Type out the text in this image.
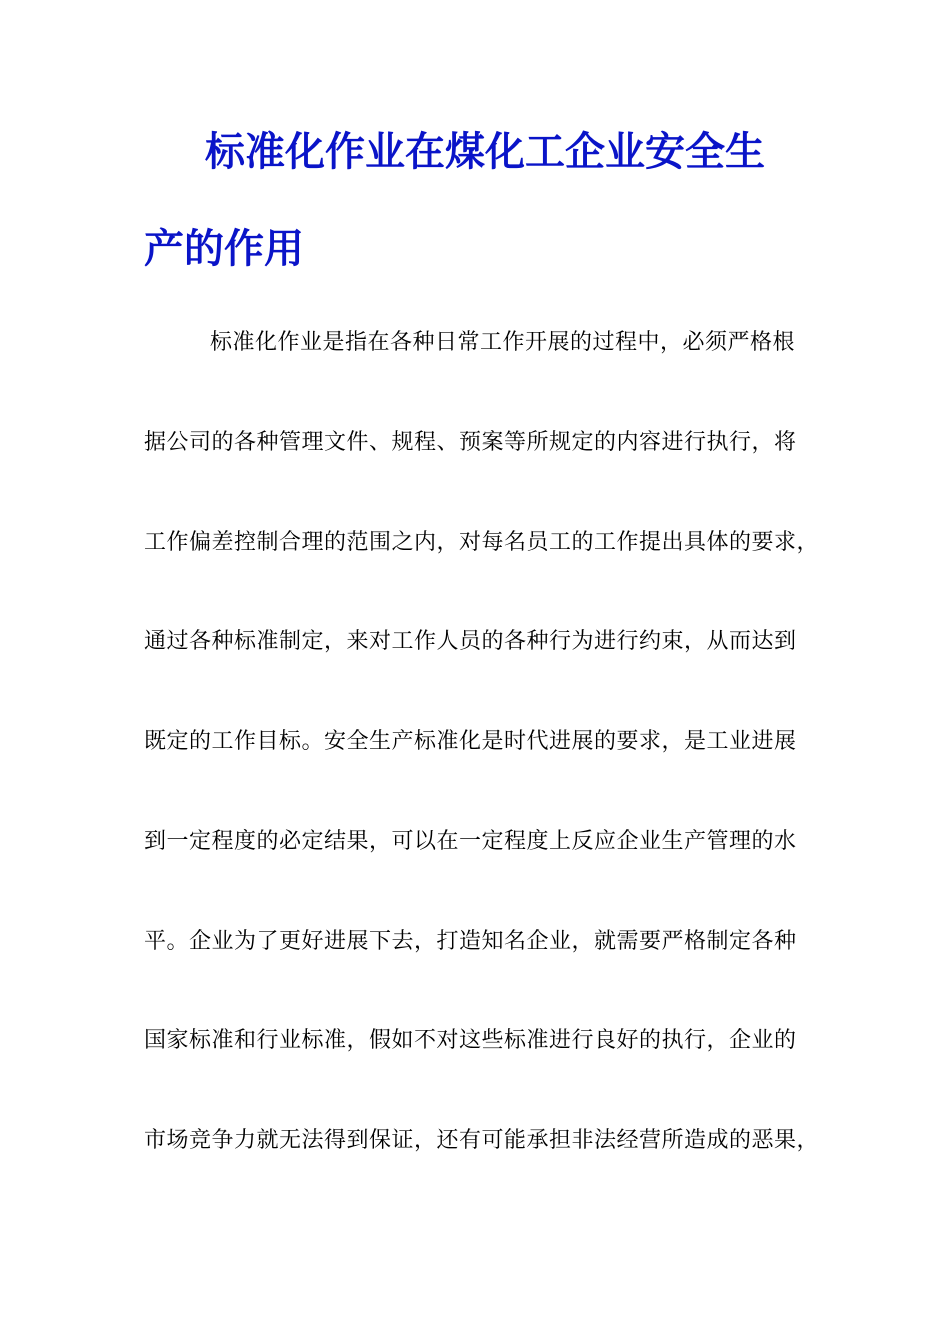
标准化作业在煤化工企业安全生
产的作用
标准化作业是指在各种日常工作开展的过程中，必须严格根
据公司的各种管理文件、规程、预案等所规定的内容进行执行，将
工作偏差控制合理的范围之内，对每名员工的工作提出具体的要求，
通过各种标准制定，来对工作人员的各种行为进行约束，从而达到
既定的工作目标。安全生产标准化是时代进展的要求，是工业进展
到一定程度的必定结果，可以在一定程度上反应企业生产管理的水
平。企业为了更好进展下去，打造知名企业，就需要严格制定各种
国家标准和行业标准，假如不对这些标准进行良好的执行，企业的
市场竞争力就无法得到保证，还有可能承担非法经营所造成的恶果，
